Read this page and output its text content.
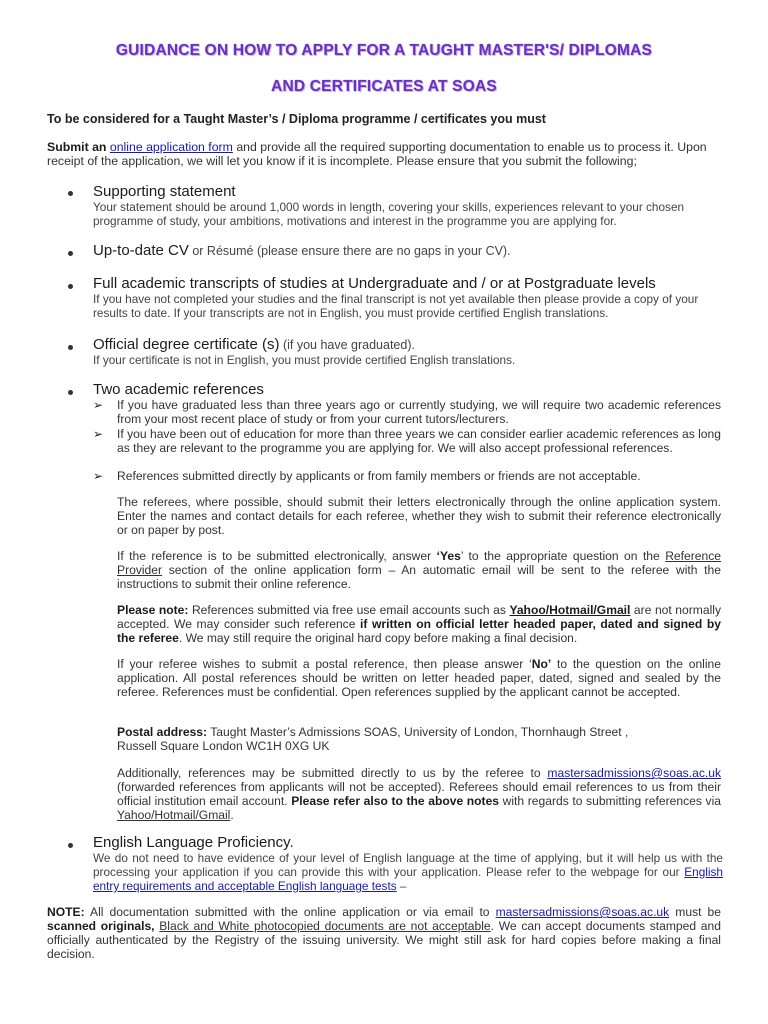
GUIDANCE ON HOW TO APPLY FOR A TAUGHT MASTER'S/ DIPLOMAS
AND CERTIFICATES AT SOAS
To be considered for a Taught Master’s / Diploma programme / certificates you must
Submit an online application form and provide all the required supporting documentation to enable us to process it. Upon receipt of the application, we will let you know if it is incomplete. Please ensure that you submit the following;
Supporting statement
Your statement should be around 1,000 words in length, covering your skills, experiences relevant to your chosen programme of study, your ambitions, motivations and interest in the programme you are applying for.
Up-to-date CV or Résumé (please ensure there are no gaps in your CV).
Full academic transcripts of studies at Undergraduate and / or at Postgraduate levels
If you have not completed your studies and the final transcript is not yet available then please provide a copy of your results to date. If your transcripts are not in English, you must provide certified English translations.
Official degree certificate (s) (if you have graduated).
If your certificate is not in English, you must provide certified English translations.
Two academic references
➢ If you have graduated less than three years ago or currently studying, we will require two academic references from your most recent place of study or from your current tutors/lecturers.
➢ If you have been out of education for more than three years we can consider earlier academic references as long as they are relevant to the programme you are applying for. We will also accept professional references.
➢ References submitted directly by applicants or from family members or friends are not acceptable.
The referees, where possible, should submit their letters electronically through the online application system. Enter the names and contact details for each referee, whether they wish to submit their reference electronically or on paper by post.
If the reference is to be submitted electronically, answer ‘Yes’ to the appropriate question on the Reference Provider section of the online application form – An automatic email will be sent to the referee with the instructions to submit their online reference.
Please note: References submitted via free use email accounts such as Yahoo/Hotmail/Gmail are not normally accepted. We may consider such reference if written on official letter headed paper, dated and signed by the referee. We may still require the original hard copy before making a final decision.
If your referee wishes to submit a postal reference, then please answer ‘No’ to the question on the online application. All postal references should be written on letter headed paper, dated, signed and sealed by the referee. References must be confidential. Open references supplied by the applicant cannot be accepted.
Postal address: Taught Master’s Admissions SOAS, University of London, Thornhaugh Street ,
Russell Square London WC1H 0XG UK
Additionally, references may be submitted directly to us by the referee to mastersadmissions@soas.ac.uk (forwarded references from applicants will not be accepted). Referees should email references to us from their official institution email account. Please refer also to the above notes with regards to submitting references via Yahoo/Hotmail/Gmail.
English Language Proficiency.
We do not need to have evidence of your level of English language at the time of applying, but it will help us with the processing your application if you can provide this with your application. Please refer to the webpage for our English entry requirements and acceptable English language tests –
NOTE: All documentation submitted with the online application or via email to mastersadmissions@soas.ac.uk must be scanned originals, Black and White photocopied documents are not acceptable. We can accept documents stamped and officially authenticated by the Registry of the issuing university. We might still ask for hard copies before making a final decision.
